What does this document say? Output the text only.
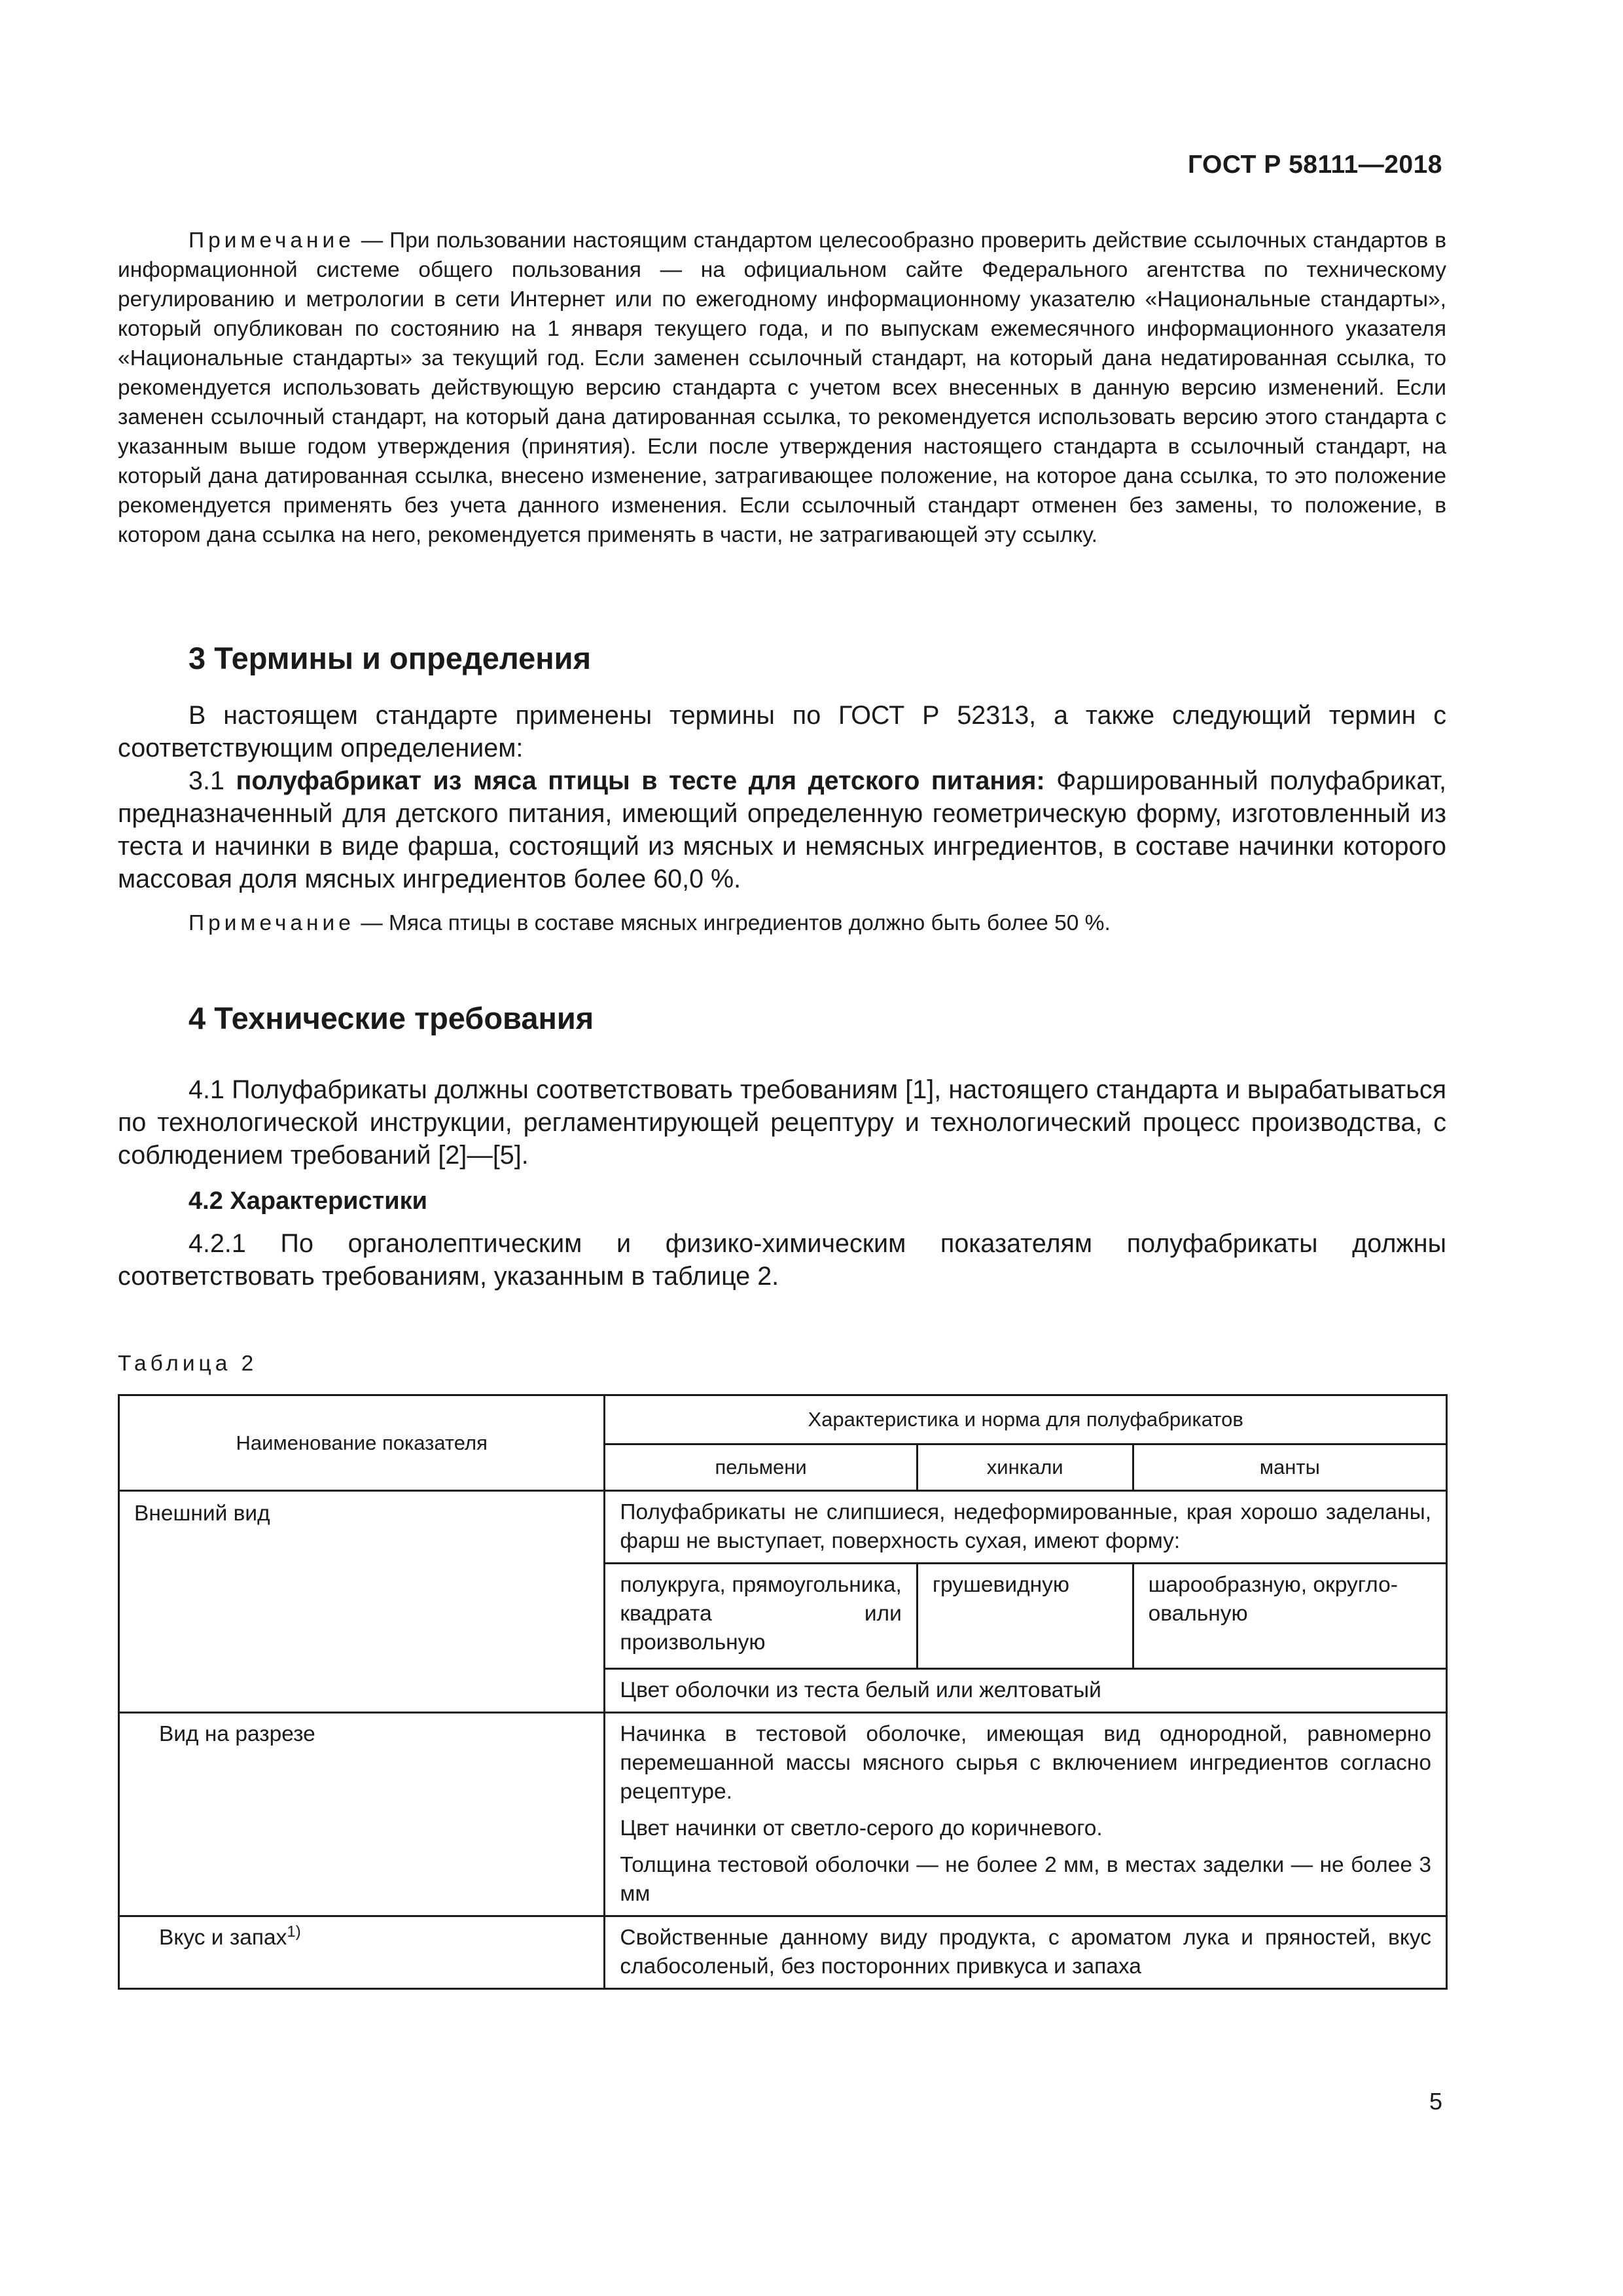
ГОСТ Р 58111—2018

Примечание — При пользовании настоящим стандартом целесообразно проверить действие ссылочных стандартов в информационной системе общего пользования — на официальном сайте Федерального агентства по техническому регулированию и метрологии в сети Интернет или по ежегодному информационному указателю «Национальные стандарты», который опубликован по состоянию на 1 января текущего года, и по выпускам ежемесячного информационного указателя «Национальные стандарты» за текущий год. Если заменен ссылочный стандарт, на который дана недатированная ссылка, то рекомендуется использовать действующую версию стандарта с учетом всех внесенных в данную версию изменений. Если заменен ссылочный стандарт, на который дана датированная ссылка, то рекомендуется использовать версию этого стандарта с указанным выше годом утверждения (принятия). Если после утверждения настоящего стандарта в ссылочный стандарт, на который дана датированная ссылка, внесено изменение, затрагивающее положение, на которое дана ссылка, то это положение рекомендуется применять без учета данного изменения. Если ссылочный стандарт отменен без замены, то положение, в котором дана ссылка на него, рекомендуется применять в части, не затрагивающей эту ссылку.

3 Термины и определения

В настоящем стандарте применены термины по ГОСТ Р 52313, а также следующий термин с соответствующим определением:

3.1 полуфабрикат из мяса птицы в тесте для детского питания: Фаршированный полуфабрикат, предназначенный для детского питания, имеющий определенную геометрическую форму, изготовленный из теста и начинки в виде фарша, состоящий из мясных и немясных ингредиентов, в составе начинки которого массовая доля мясных ингредиентов более 60,0 %.

Примечание — Мяса птицы в составе мясных ингредиентов должно быть более 50 %.

4 Технические требования

4.1 Полуфабрикаты должны соответствовать требованиям [1], настоящего стандарта и вырабатываться по технологической инструкции, регламентирующей рецептуру и технологический процесс производства, с соблюдением требований [2]—[5].

4.2 Характеристики

4.2.1 По органолептическим и физико-химическим показателям полуфабрикаты должны соответствовать требованиям, указанным в таблице 2.

Таблица 2

Наименование показателя	Характеристика и норма для полуфабрикатов		
	пельмени	хинкали	манты
Внешний вид	Полуфабрикаты не слипшиеся, недеформированные, края хорошо заделаны, фарш не выступает, поверхность сухая, имеют форму:		
	полукруга, прямоугольника, квадрата или произвольную	грушевидную	шарообразную, округло-овальную
	Цвет оболочки из теста белый или желтоватый		
Вид на разрезе	Начинка в тестовой оболочке, имеющая вид однородной, равномерно перемешанной массы мясного сырья с включением ингредиентов согласно рецептуре.

Цвет начинки от светло-серого до коричневого.

Толщина тестовой оболочки — не более 2 мм, в местах заделки — не более 3 мм		

Вкус и запах$^{1)}$	Свойственные данному виду продукта, с ароматом лука и пряностей, вкус слабосоленый, без посторонних привкуса и запаха		
5
